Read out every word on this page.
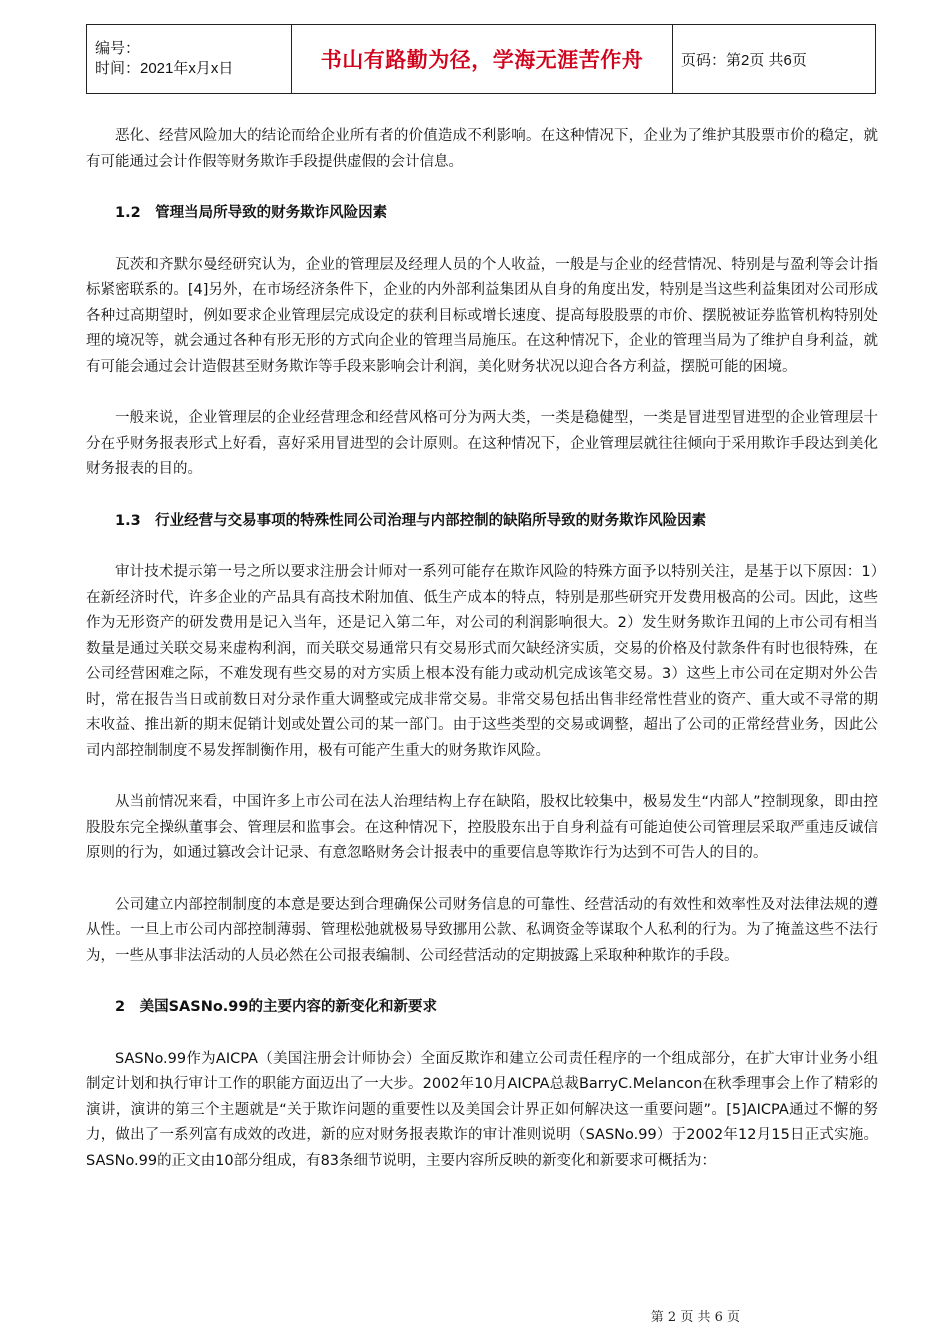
编号：
时间：2021年x月x日	书山有路勤为径，学海无涯苦作舟	页码：第2页 共6页

恶化、经营风险加大的结论而给企业所有者的价值造成不利影响。在这种情况下，企业为了维护其股票市价的稳定，就有可能通过会计作假等财务欺诈手段提供虚假的会计信息。

1.2　管理当局所导致的财务欺诈风险因素

瓦茨和齐默尔曼经研究认为，企业的管理层及经理人员的个人收益，一般是与企业的经营情况、特别是与盈利等会计指标紧密联系的。[4]另外，在市场经济条件下，企业的内外部利益集团从自身的角度出发，特别是当这些利益集团对公司形成各种过高期望时，例如要求企业管理层完成设定的获利目标或增长速度、提高每股股票的市价、摆脱被证券监管机构特别处理的境况等，就会通过各种有形无形的方式向企业的管理当局施压。在这种情况下，企业的管理当局为了维护自身利益，就有可能会通过会计造假甚至财务欺诈等手段来影响会计利润，美化财务状况以迎合各方利益，摆脱可能的困境。

一般来说，企业管理层的企业经营理念和经营风格可分为两大类，一类是稳健型，一类是冒进型冒进型的企业管理层十分在乎财务报表形式上好看，喜好采用冒进型的会计原则。在这种情况下，企业管理层就往往倾向于采用欺诈手段达到美化财务报表的目的。

1.3　行业经营与交易事项的特殊性同公司治理与内部控制的缺陷所导致的财务欺诈风险因素

审计技术提示第一号之所以要求注册会计师对一系列可能存在欺诈风险的特殊方面予以特别关注，是基于以下原因：1）在新经济时代，许多企业的产品具有高技术附加值、低生产成本的特点，特别是那些研究开发费用极高的公司。因此，这些作为无形资产的研发费用是记入当年，还是记入第二年，对公司的利润影响很大。2）发生财务欺诈丑闻的上市公司有相当数量是通过关联交易来虚构利润，而关联交易通常只有交易形式而欠缺经济实质，交易的价格及付款条件有时也很特殊，在公司经营困难之际，不难发现有些交易的对方实质上根本没有能力或动机完成该笔交易。3）这些上市公司在定期对外公告时，常在报告当日或前数日对分录作重大调整或完成非常交易。非常交易包括出售非经常性营业的资产、重大或不寻常的期末收益、推出新的期末促销计划或处置公司的某一部门。由于这些类型的交易或调整，超出了公司的正常经营业务，因此公司内部控制制度不易发挥制衡作用，极有可能产生重大的财务欺诈风险。

从当前情况来看，中国许多上市公司在法人治理结构上存在缺陷，股权比较集中，极易发生“内部人”控制现象，即由控股股东完全操纵董事会、管理层和监事会。在这种情况下，控股股东出于自身利益有可能迫使公司管理层采取严重违反诚信原则的行为，如通过篡改会计记录、有意忽略财务会计报表中的重要信息等欺诈行为达到不可告人的目的。

公司建立内部控制制度的本意是要达到合理确保公司财务信息的可靠性、经营活动的有效性和效率性及对法律法规的遵从性。一旦上市公司内部控制薄弱、管理松弛就极易导致挪用公款、私调资金等谋取个人私利的行为。为了掩盖这些不法行为，一些从事非法活动的人员必然在公司报表编制、公司经营活动的定期披露上采取种种欺诈的手段。

2　美国SASNo.99的主要内容的新变化和新要求

SASNo.99作为AICPA（美国注册会计师协会）全面反欺诈和建立公司责任程序的一个组成部分，在扩大审计业务小组制定计划和执行审计工作的职能方面迈出了一大步。2002年10月AICPA总裁BarryC.Melancon在秋季理事会上作了精彩的演讲，演讲的第三个主题就是“关于欺诈问题的重要性以及美国会计界正如何解决这一重要问题”。[5]AICPA通过不懈的努力，做出了一系列富有成效的改进，新的应对财务报表欺诈的审计准则说明（SASNo.99）于2002年12月15日正式实施。SASNo.99的正文由10部分组成，有83条细节说明，主要内容所反映的新变化和新要求可概括为：

第 2 页 共 6 页
